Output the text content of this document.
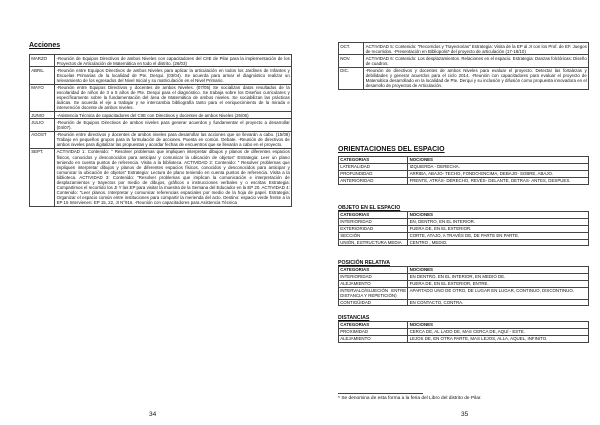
Acciones
MARZO	-Reunión de Equipos Directivos de ambos Niveles con capacitadores del CIIE de Pilar para la implementación de los Proyectos de Articulación de Matemática en todo el distrito. (26/03)
ABRIL	-Reunión entre Equipos Directivos de ambos Niveles para aplicar la articulación en todos los Jardines de Infantes y Escuelas Primarias de la localidad de Pte. Derqui. (03/04). Se acuerda para armar el diagnóstico realizar un relevamiento de los egresados del Nivel Inicial y su matriculación en el Nivel Primario.
MAYO	-Reunión entre Equipos Directivos y docentes de ambos Niveles. (07/05) Se socializan datos resultados de la escolaridad de niños de 3 a 5 años de Pte. Derqui para el diagnóstico. Se trabaja sobre los Diseños curriculares y específicamente sobre la fundamentación del área de Matemática de ambos niveles. Se sociabilizan las prácticas áulicas. Se acuerda el eje a trabajar y se intercambia bibliografía tanto para el enriquecimiento de la mirada e intervención docente de ambos niveles.
JUNIO	-Asistencia Técnica de capacitadores del CIIE con Directivos y docentes de ambos Niveles (26/06)
JULIO	-Reunión de Equipos Directivos de ambos niveles para generar acuerdos y fundamentar el proyecto a desarrollar (04/07).
AGOST	-Reunión entre directivos y docentes de ambos niveles para desarrollar las acciones que se llevarán a cabo. (15/08) Trabajo en pequeños grupos para la formulación de acciones. Puesta en común. Debate. -Reunión de directivos de ambos niveles para digitalizar las propuestas y acordar fechas de encuentros que se llevarán a cabo en el proyecto.
SEPT.	ACTIVIDAD 1: Contenido: " Resolver problemas que impliquen interpretar dibujos y planos de diferentes espacios físicos, conocidos y desconocidos para anticipar y comunicar la ubicación de objetos" Estrategia: Leer un plano teniendo en cuenta puntos de referencia. Visita a la biblioteca. ACTIVIDAD 2: Contenido: " Resolver problemas que impliquen interpretar dibujos y planos de diferentes espacios físicos, conocidos y desconocidos para anticipar y comunicar la ubicación de objetos" Estrategia: Lectura de plano teniendo en cuenta puntos de referencia. Visita a la biblioteca. ACTIVIDAD 3: Contenido: "Resolver problemas que implican la comunicación e interpretación de desplazamientos y trayectos por medio de dibujos, gráficos o instrucciones verbales y o escritas Estrategia: Compartimos el recorrido los JI Y las EP para visitar la muestra de la Semana del Educador en la EP 20. ACTIVIDAD 4: Contenido: "Leer planos. Interpretar y comunicar referencias espaciales por medio de la hoja de papel. Estrategia: Organizar el espacio común entre instituciones para compartir la merienda del acto. Destino: espacio verde frente a la EP 15 Intervienen: EP 15, 22, JI N°916. -Reunión con capacitadores para Asistencia Técnica
34
OCT.	ACTIVIDAD 5: Contenido: "Recorridos y Trayectorias" Estrategia: Visita de la EP al JI con los Prof. de EF. Juegos de recorridos. -Presentación en Bibliopolis⁵ del proyecto de articulación (17-18/10)
NOV.	ACTIVIDAD 6: Contenido: Los desplazamientos. Relaciones en el espacio. Estrategia: Danzas folclóricas: Diseño de cuadros.
DIC.	-Reunión de directivos y docentes de ambos Niveles para evaluar el proyecto. Detectar las fortalezas y debilidades y generar acuerdos para el ciclo 2014. -Reunión con capacitadores para evaluar el proyecto de Matemática desarrollado en la localidad de Pte. Derqui y su inclusión y difusión como propuesta innovadora en el desarrollo de proyectos de Articulación.
ORIENTACIONES DEL ESPACIO
CATEGORIAS	NOCIONES
LATERALIDAD	IZQUIERDA - DERECHA.
PROFUNDIDAD	ARRIBA, ABAJO- TECHO, FONDO-ENCIMA, DEBAJO- SOBRE, ABAJO.
ANTERIORIDAD	FRENTE, ATRÁS- DERECHO, REVÉS- DELANTE, DETRAS- ANTES, DESPUES.
OBJETO EN EL ESPACIO
CATEGORIAS	NOCIONES
INTERIORIDAD	EN, DENTRO, EN EL INTERIOR.
EXTERIORIDAD	FUERA DE, EN EL EXTERIOR.
SECCIÓN	CORTE, ATAJO, A TRAVÉS DE, DE PARTE EN PARTE.
UNIÓN, ESTRUCTURA MEDIA	CENTRO , MEDIO.
POSICIÓN RELATIVA
CATEGORIAS	NOCIONES
INTERIORIDAD	EN DENTRO, EN EL INTERIOR, EN MEDIO DE.
ALEJAMIENTO	FUERA DE, EN EL EXTERIOR, ENTRE.
INTERVALO/SUJECIÓN ENTRE DISTANCIA Y REPETICIÓN)	APARTADO UNO DE OTRO, DE LUGAR EN LUGAR, CONTINUO, DISCONTINUO.
CONTIGÜIDAD	EN CONTACTO, CONTRA.
DISTANCIAS
CATEGORIAS	NOCIONES
PROXIMIDAD	CERCA DE, AL LADO DE, MAS CERCA DE, AQUÍ - ESTE.
ALEJAMIENTO	LEJOS DE, EN OTRA PARTE, MAS LEJOS, ALLA, AQUEL, INFINITO.
⁵ Se denomina de esta forma a la feria del Libro del distrito de Pilar.
35
